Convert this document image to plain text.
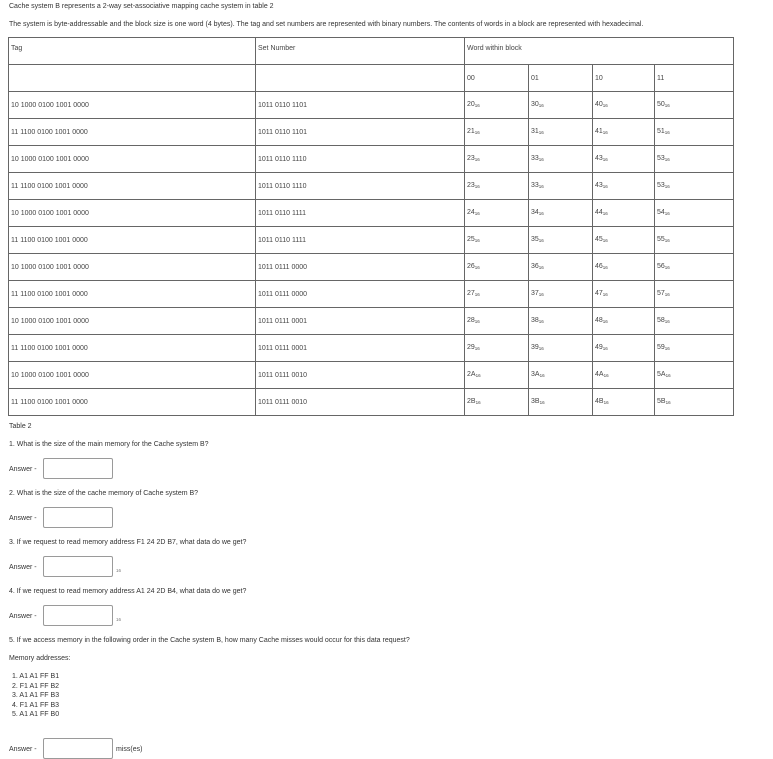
Cache system B represents a 2-way set-associative mapping cache system in table 2
The system is byte-addressable and the block size is one word (4 bytes). The tag and set numbers are represented with binary numbers. The contents of words in a block are represented with hexadecimal.
Tag	Set Number	Word within block			
		00	01	10	11
10 1000 0100 1001 0000	1011 0110 1101	$20_{16}$	$30_{16}$	$40_{16}$	$50_{16}$
11 1100 0100 1001 0000	1011 0110 1101	$21_{16}$	$31_{16}$	$41_{16}$	$51_{16}$
10 1000 0100 1001 0000	1011 0110 1110	$23_{16}$	$33_{16}$	$43_{16}$	$53_{16}$
11 1100 0100 1001 0000	1011 0110 1110	$23_{16}$	$33_{16}$	$43_{16}$	$53_{16}$
10 1000 0100 1001 0000	1011 0110 1111	$24_{16}$	$34_{16}$	$44_{16}$	$54_{16}$
11 1100 0100 1001 0000	1011 0110 1111	$25_{16}$	$35_{16}$	$45_{16}$	$55_{16}$
10 1000 0100 1001 0000	1011 0111 0000	$26_{16}$	$36_{16}$	$46_{16}$	$56_{16}$
11 1100 0100 1001 0000	1011 0111 0000	$27_{16}$	$37_{16}$	$47_{16}$	$57_{16}$
10 1000 0100 1001 0000	1011 0111 0001	$28_{16}$	$38_{16}$	$48_{16}$	$58_{16}$
11 1100 0100 1001 0000	1011 0111 0001	$29_{16}$	$39_{16}$	$49_{16}$	$59_{16}$
10 1000 0100 1001 0000	1011 0111 0010	$2A_{16}$	$3A_{16}$	$4A_{16}$	$5A_{16}$
11 1100 0100 1001 0000	1011 0111 0010	$2B_{16}$	$3B_{16}$	$4B_{16}$	$5B_{16}$
Table 2
1. What is the size of the main memory for the Cache system B?
Answer -
2. What is the size of the cache memory of Cache system B?
Answer -
3. If we request to read memory address F1 24 2D B7, what data do we get?
Answer -	16
4. If we request to read memory address A1 24 2D B4, what data do we get?
Answer -	16
5. If we access memory in the following order in the Cache system B, how many Cache misses would occur for this data request?
Memory addresses:
1. A1 A1 FF B1
2. F1 A1 FF B2
3. A1 A1 FF B3
4. F1 A1 FF B3
5. A1 A1 FF B0
Answer -	miss(es)
